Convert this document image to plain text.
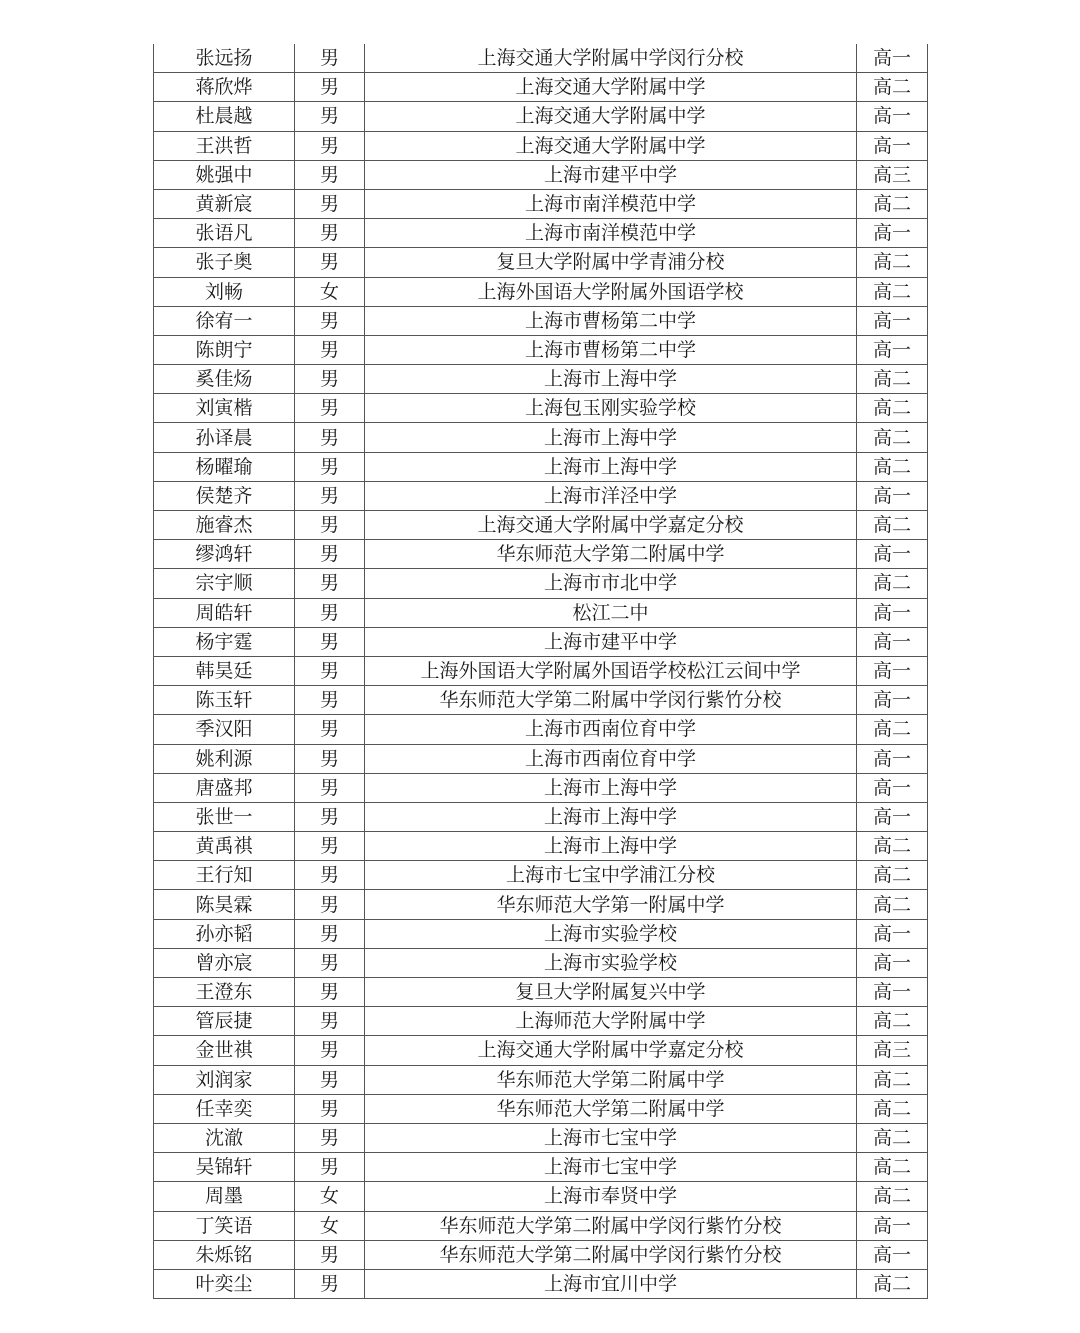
张远扬	男	上海交通大学附属中学闵行分校	高一
蒋欣烨	男	上海交通大学附属中学	高二
杜晨越	男	上海交通大学附属中学	高一
王洪哲	男	上海交通大学附属中学	高一
姚强中	男	上海市建平中学	高三
黄新宸	男	上海市南洋模范中学	高二
张语凡	男	上海市南洋模范中学	高一
张子奥	男	复旦大学附属中学青浦分校	高二
刘畅	女	上海外国语大学附属外国语学校	高二
徐宥一	男	上海市曹杨第二中学	高一
陈朗宁	男	上海市曹杨第二中学	高一
奚佳炀	男	上海市上海中学	高二
刘寅楷	男	上海包玉刚实验学校	高二
孙译晨	男	上海市上海中学	高二
杨曜瑜	男	上海市上海中学	高二
侯楚齐	男	上海市洋泾中学	高一
施睿杰	男	上海交通大学附属中学嘉定分校	高二
缪鸿轩	男	华东师范大学第二附属中学	高一
宗宇顺	男	上海市市北中学	高二
周皓轩	男	松江二中	高一
杨宇霆	男	上海市建平中学	高一
韩昊廷	男	上海外国语大学附属外国语学校松江云间中学	高一
陈玉轩	男	华东师范大学第二附属中学闵行紫竹分校	高一
季汉阳	男	上海市西南位育中学	高二
姚利源	男	上海市西南位育中学	高一
唐盛邦	男	上海市上海中学	高一
张世一	男	上海市上海中学	高一
黄禹祺	男	上海市上海中学	高二
王行知	男	上海市七宝中学浦江分校	高二
陈昊霖	男	华东师范大学第一附属中学	高二
孙亦韬	男	上海市实验学校	高一
曾亦宸	男	上海市实验学校	高一
王澄东	男	复旦大学附属复兴中学	高一
管辰捷	男	上海师范大学附属中学	高二
金世祺	男	上海交通大学附属中学嘉定分校	高三
刘润家	男	华东师范大学第二附属中学	高二
任幸奕	男	华东师范大学第二附属中学	高二
沈澈	男	上海市七宝中学	高二
吴锦轩	男	上海市七宝中学	高二
周墨	女	上海市奉贤中学	高二
丁笑语	女	华东师范大学第二附属中学闵行紫竹分校	高一
朱烁铭	男	华东师范大学第二附属中学闵行紫竹分校	高一
叶奕尘	男	上海市宜川中学	高二
